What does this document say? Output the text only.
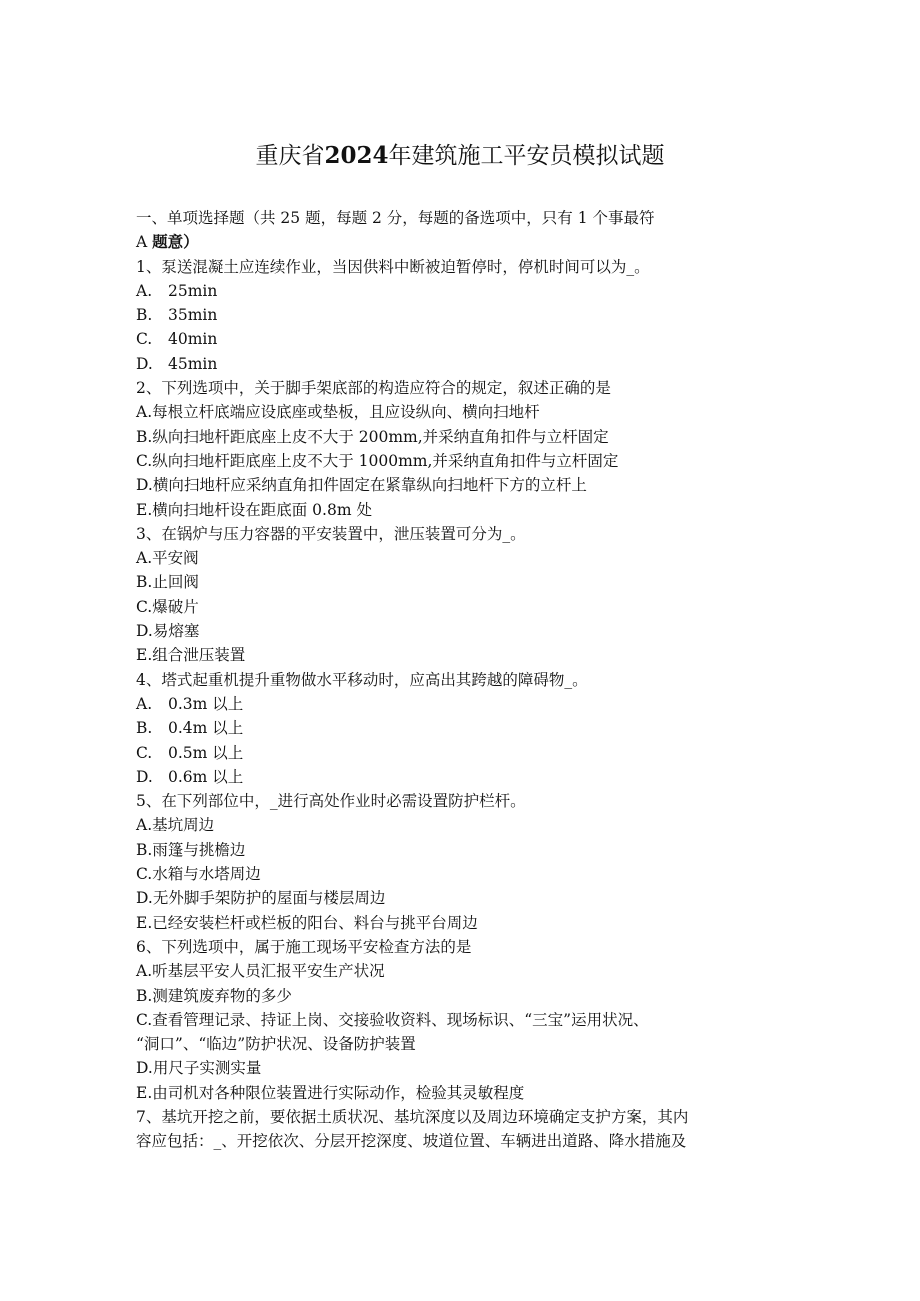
重庆省2024年建筑施工平安员模拟试题
一、单项选择题（共 25 题，每题 2 分，每题的备选项中，只有 1 个事最符
A 题意）
1、泵送混凝土应连续作业，当因供料中断被迫暂停时，停机时间可以为_。
A. 25min
B. 35min
C. 40min
D. 45min
2、下列选项中，关于脚手架底部的构造应符合的规定，叙述正确的是
A.每根立杆底端应设底座或垫板，且应设纵向、横向扫地杆
B.纵向扫地杆距底座上皮不大于 200mm,并采纳直角扣件与立杆固定
C.纵向扫地杆距底座上皮不大于 1000mm,并采纳直角扣件与立杆固定
D.横向扫地杆应采纳直角扣件固定在紧靠纵向扫地杆下方的立杆上
E.横向扫地杆设在距底面 0.8m 处
3、在锅炉与压力容器的平安装置中，泄压装置可分为_。
A.平安阀
B.止回阀
C.爆破片
D.易熔塞
E.组合泄压装置
4、塔式起重机提升重物做水平移动时，应高出其跨越的障碍物_。
A. 0.3m 以上
B. 0.4m 以上
C. 0.5m 以上
D. 0.6m 以上
5、在下列部位中，_进行高处作业时必需设置防护栏杆。
A.基坑周边
B.雨篷与挑檐边
C.水箱与水塔周边
D.无外脚手架防护的屋面与楼层周边
E.已经安装栏杆或栏板的阳台、料台与挑平台周边
6、下列选项中，属于施工现场平安检查方法的是
A.听基层平安人员汇报平安生产状况
B.测建筑废弃物的多少
C.查看管理记录、持证上岗、交接验收资料、现场标识、“三宝”运用状况、
“洞口”、“临边”防护状况、设备防护装置
D.用尺子实测实量
E.由司机对各种限位装置进行实际动作，检验其灵敏程度
7、基坑开挖之前，要依据土质状况、基坑深度以及周边环境确定支护方案，其内
容应包括：_、开挖依次、分层开挖深度、坡道位置、车辆进出道路、降水措施及
